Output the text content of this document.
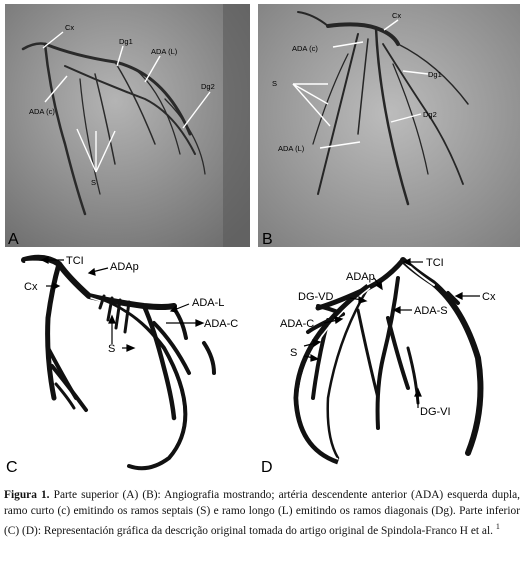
Cx
Dg1
ADA (L)
Dg2
ADA (c)
S
A
Cx
ADA (c)
Dg1
S
Dg2
ADA (L)
B
TCI ADAp
Cx
ADA-L
ADA-C
S
C
TCI
ADAp
Cx
DG-VD
ADA-S
ADA-C
S
DG-VI
D
Figura 1. Parte superior (A) (B): Angiografia mostrando; artéria descendente anterior (ADA) esquerda dupla, ramo curto (c) emitindo os ramos septais (S) e ramo longo (L) emitindo os ramos diagonais (Dg). Parte inferior (C) (D): Representación gráfica da descrição original tomada do artigo original de Spindola-Franco H et al. $^1$
